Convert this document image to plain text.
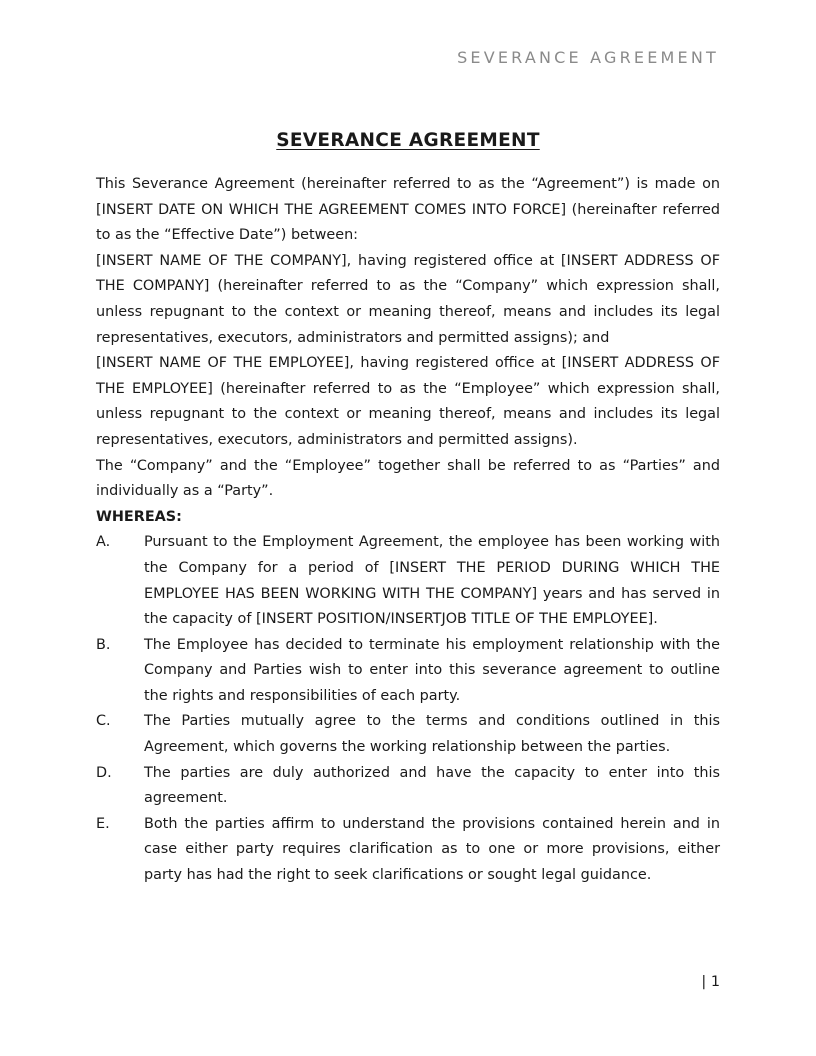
SEVERANCE AGREEMENT
SEVERANCE AGREEMENT

This Severance Agreement (hereinafter referred to as the “Agreement”) is made on [INSERT DATE ON WHICH THE AGREEMENT COMES INTO FORCE] (hereinafter referred to as the “Effective Date”) between:

[INSERT NAME OF THE COMPANY], having registered office at [INSERT ADDRESS OF THE COMPANY] (hereinafter referred to as the “Company” which expression shall, unless repugnant to the context or meaning thereof, means and includes its legal representatives, executors, administrators and permitted assigns); and

[INSERT NAME OF THE EMPLOYEE], having registered office at [INSERT ADDRESS OF THE EMPLOYEE] (hereinafter referred to as the “Employee” which expression shall, unless repugnant to the context or meaning thereof, means and includes its legal representatives, executors, administrators and permitted assigns).

The “Company” and the “Employee” together shall be referred to as “Parties” and individually as a “Party”.

WHEREAS:

A.	Pursuant to the Employment Agreement, the employee has been working with the Company for a period of [INSERT THE PERIOD DURING WHICH THE EMPLOYEE HAS BEEN WORKING WITH THE COMPANY] years and has served in the capacity of [INSERT POSITION/INSERTJOB TITLE OF THE EMPLOYEE].
B.	The Employee has decided to terminate his employment relationship with the Company and Parties wish to enter into this severance agreement to outline the rights and responsibilities of each party.
C.	The Parties mutually agree to the terms and conditions outlined in this Agreement, which governs the working relationship between the parties.
D.	The parties are duly authorized and have the capacity to enter into this agreement.
E.	Both the parties affirm to understand the provisions contained herein and in case either party requires clarification as to one or more provisions, either party has had the right to seek clarifications or sought legal guidance.
| 1
